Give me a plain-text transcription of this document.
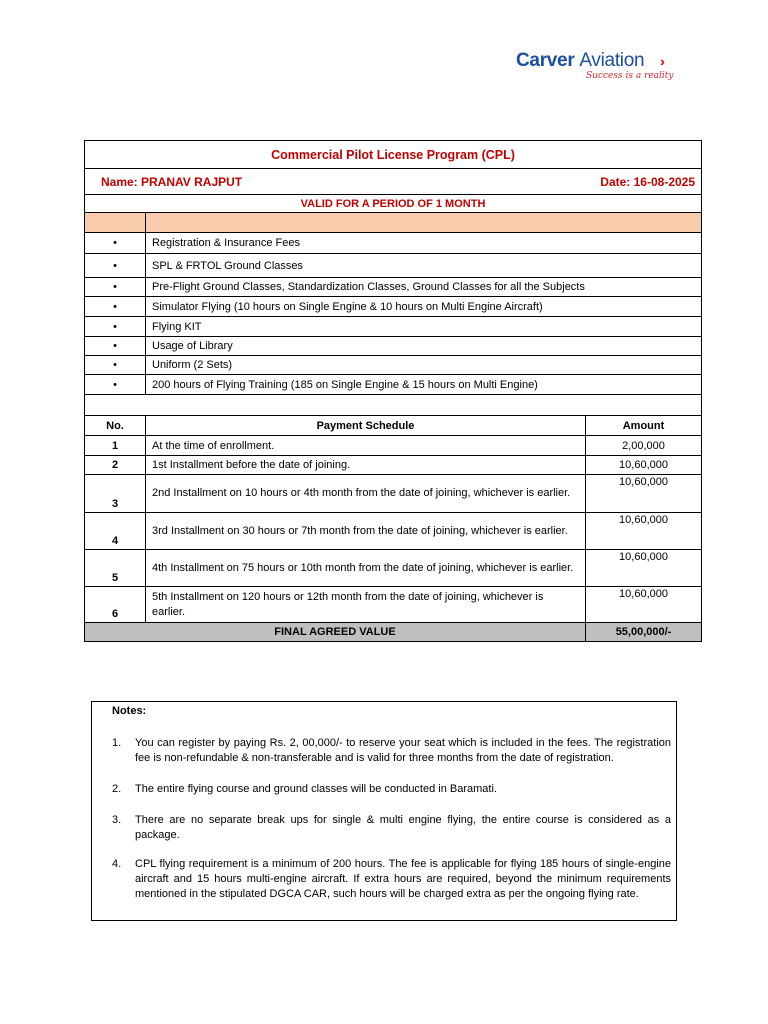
Carver Aviation ›››
Success is a reality
Commercial Pilot License Program (CPL)		
Name: PRANAV RAJPUT Date: 16-08-2025		

VALID FOR A PERIOD OF 1 MONTH		

•	Registration & Insurance Fees	
•	SPL & FRTOL Ground Classes	
•	Pre-Flight Ground Classes, Standardization Classes, Ground Classes for all the Subjects	
•	Simulator Flying (10 hours on Single Engine & 10 hours on Multi Engine Aircraft)	
•	Flying KIT	
•	Usage of Library	
•	Uniform (2 Sets)	
•	200 hours of Flying Training (185 on Single Engine & 15 hours on Multi Engine)	

No.	Payment Schedule	Amount
1	At the time of enrollment.	2,00,000
2	1st Installment before the date of joining.	10,60,000
3	2nd Installment on 10 hours or 4th month from the date of joining, whichever is earlier.	10,60,000
4	3rd Installment on 30 hours or 7th month from the date of joining, whichever is earlier.	10,60,000
5	4th Installment on 75 hours or 10th month from the date of joining, whichever is earlier.	10,60,000
6	5th Installment on 120 hours or 12th month from the date of joining, whichever is earlier.	10,60,000
FINAL AGREED VALUE		55,00,000/-
Notes:
1. You can register by paying Rs. 2, 00,000/- to reserve your seat which is included in the fees. The registration fee is non-refundable & non-transferable and is valid for three months from the date of registration.
2. The entire flying course and ground classes will be conducted in Baramati.
3. There are no separate break ups for single & multi engine flying, the entire course is considered as a package.
4. CPL flying requirement is a minimum of 200 hours. The fee is applicable for flying 185 hours of single-engine aircraft and 15 hours multi-engine aircraft. If extra hours are required, beyond the minimum requirements mentioned in the stipulated DGCA CAR, such hours will be charged extra as per the ongoing flying rate.
